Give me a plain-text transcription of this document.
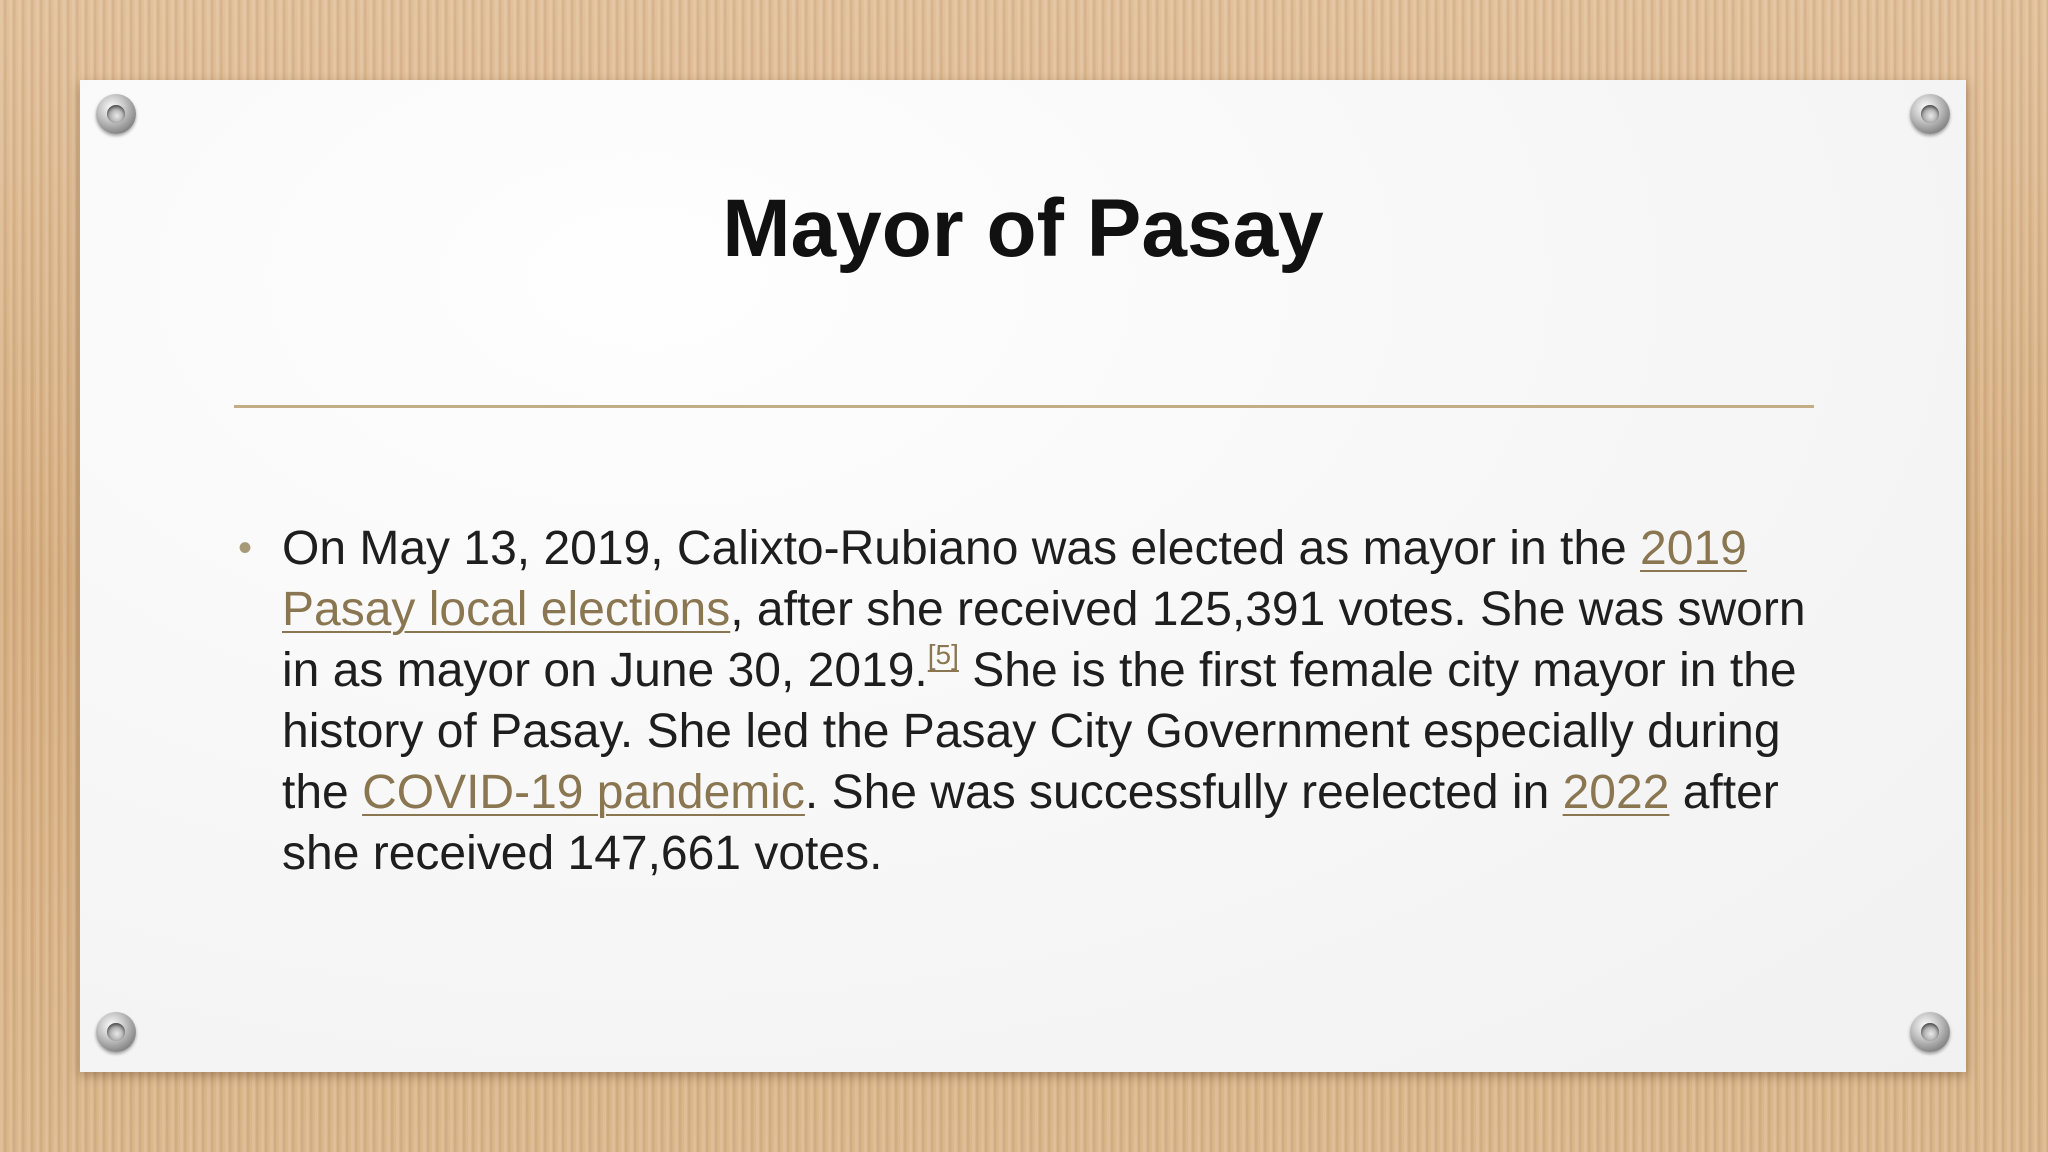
Mayor of Pasay
• On May 13, 2019, Calixto-Rubiano was elected as mayor in the 2019 Pasay local elections, after she received 125,391 votes. She was sworn in as mayor on June 30, 2019.[5] She is the first female city mayor in the history of Pasay. She led the Pasay City Government especially during the COVID-19 pandemic. She was successfully reelected in 2022 after she received 147,661 votes.
